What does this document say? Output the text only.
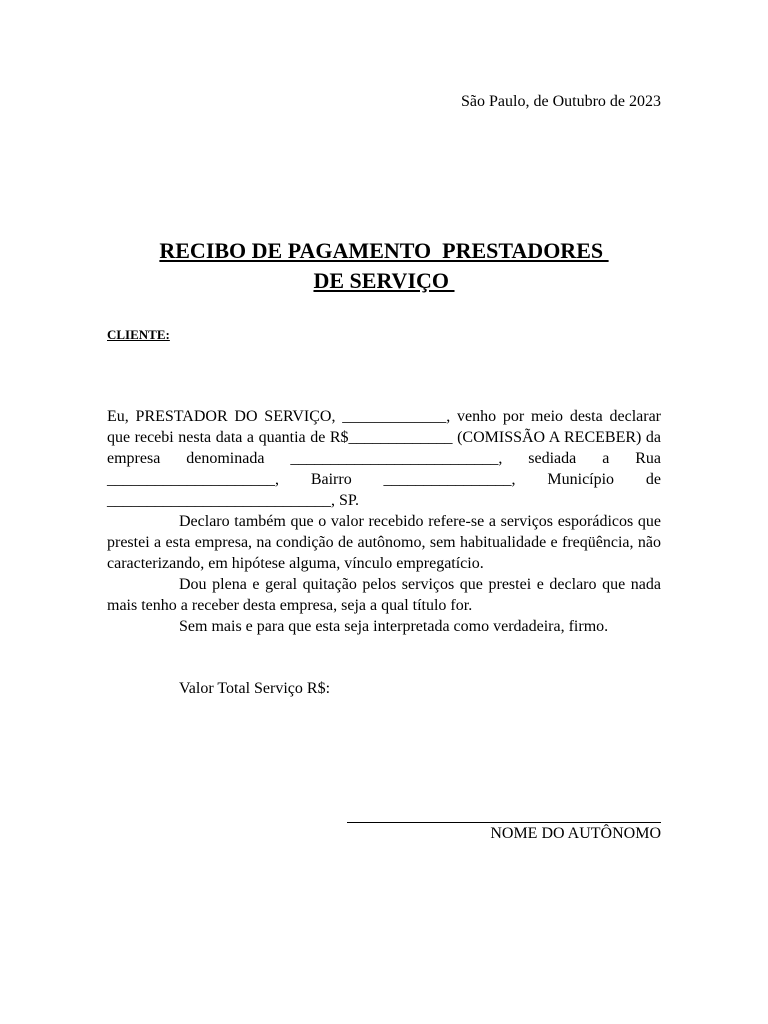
São Paulo, de Outubro de 2023
RECIBO DE PAGAMENTO  PRESTADORES
DE SERVIÇO
CLIENTE:

Eu, PRESTADOR DO SERVIÇO, _____________, venho por meio desta declarar que recebi nesta data a quantia de R$_____________ (COMISSÃO A RECEBER) da empresa denominada __________________________, sediada a Rua _____________________, Bairro ________________, Município de ____________________________, SP.

Declaro também que o valor recebido refere-se a serviços esporádicos que prestei a esta empresa, na condição de autônomo, sem habitualidade e freqüência, não caracterizando, em hipótese alguma, vínculo empregatício.

Dou plena e geral quitação pelos serviços que prestei e declaro que nada mais tenho a receber desta empresa, seja a qual título for.

Sem mais e para que esta seja interpretada como verdadeira, firmo.

Valor Total Serviço R$:
NOME DO AUTÔNOMO
